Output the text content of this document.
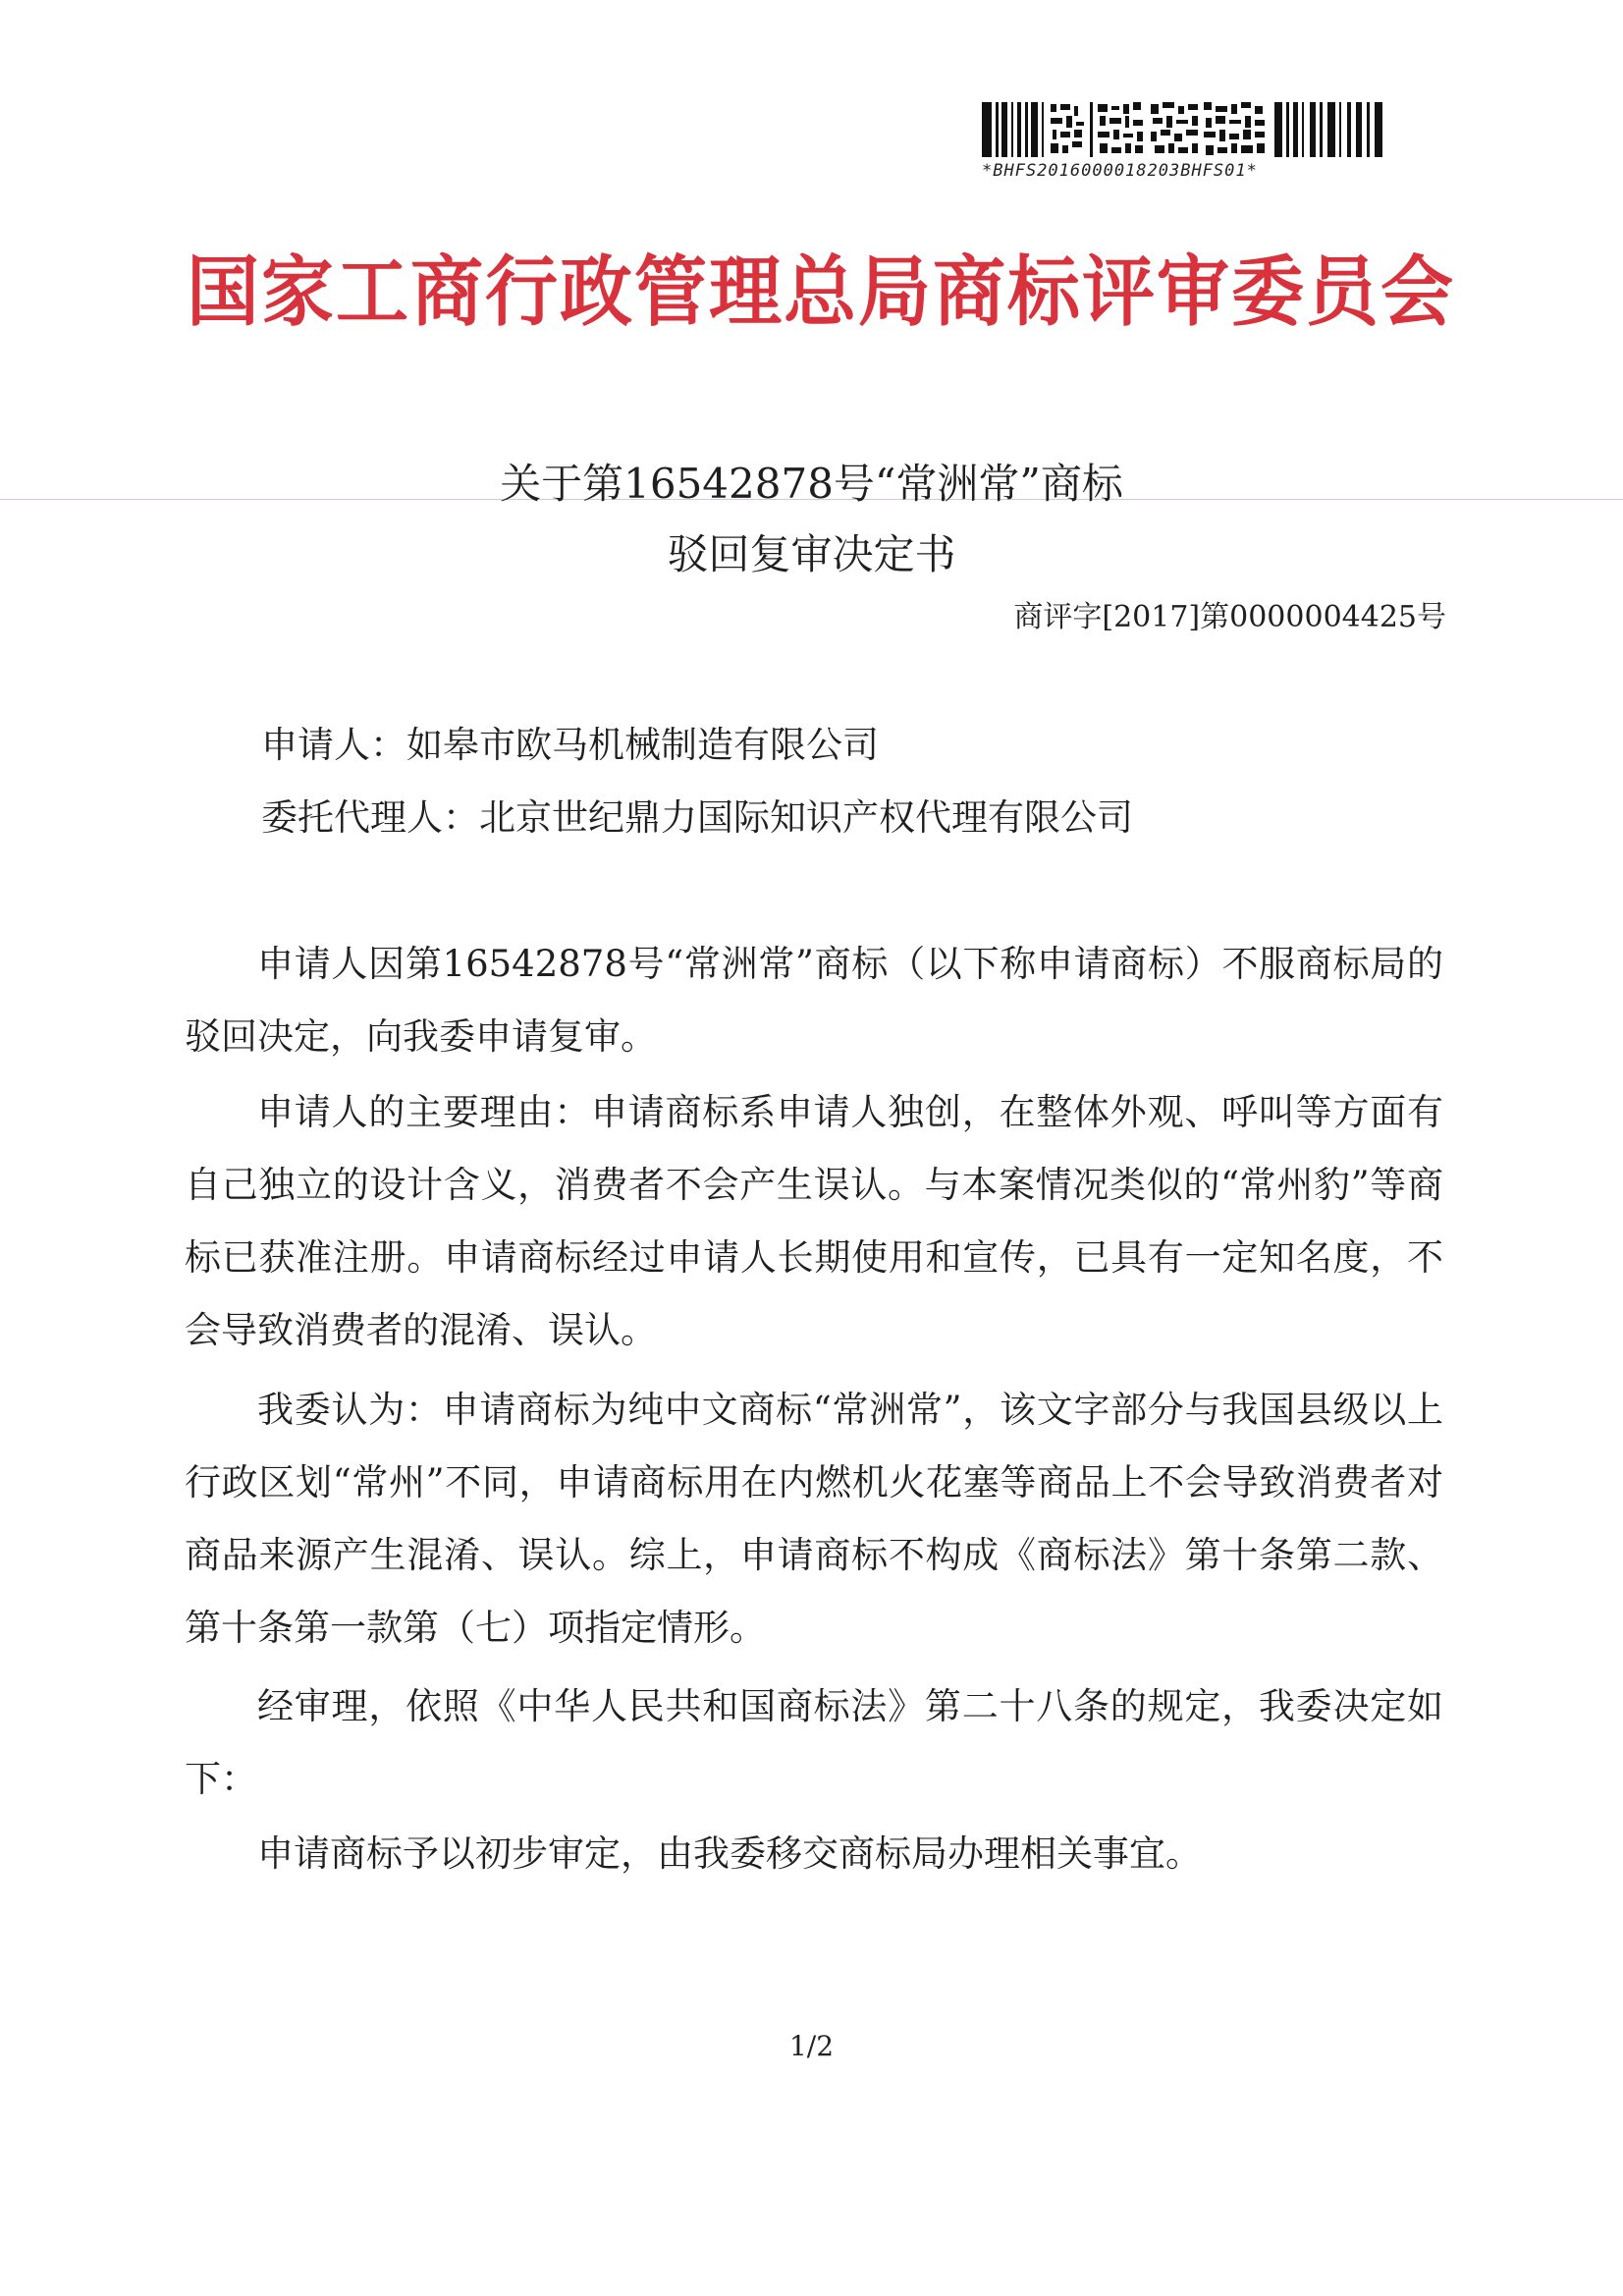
*BHFS2016000018203BHFS01*
国家工商行政管理总局商标评审委员会
关于第16542878号“常洲常”商标
驳回复审决定书
商评字[2017]第0000004425号
申请人：如皋市欧马机械制造有限公司
委托代理人：北京世纪鼎力国际知识产权代理有限公司

申请人因第16542878号“常洲常”商标（以下称申请商标）不服商标局的驳回决定，向我委申请复审。

申请人的主要理由：申请商标系申请人独创，在整体外观、呼叫等方面有自己独立的设计含义，消费者不会产生误认。与本案情况类似的“常州豹”等商标已获准注册。申请商标经过申请人长期使用和宣传，已具有一定知名度，不会导致消费者的混淆、误认。

我委认为：申请商标为纯中文商标“常洲常”，该文字部分与我国县级以上行政区划“常州”不同，申请商标用在内燃机火花塞等商品上不会导致消费者对商品来源产生混淆、误认。综上，申请商标不构成《商标法》第十条第二款、第十条第一款第（七）项指定情形。

经审理，依照《中华人民共和国商标法》第二十八条的规定，我委决定如下：

申请商标予以初步审定，由我委移交商标局办理相关事宜。

1/2
